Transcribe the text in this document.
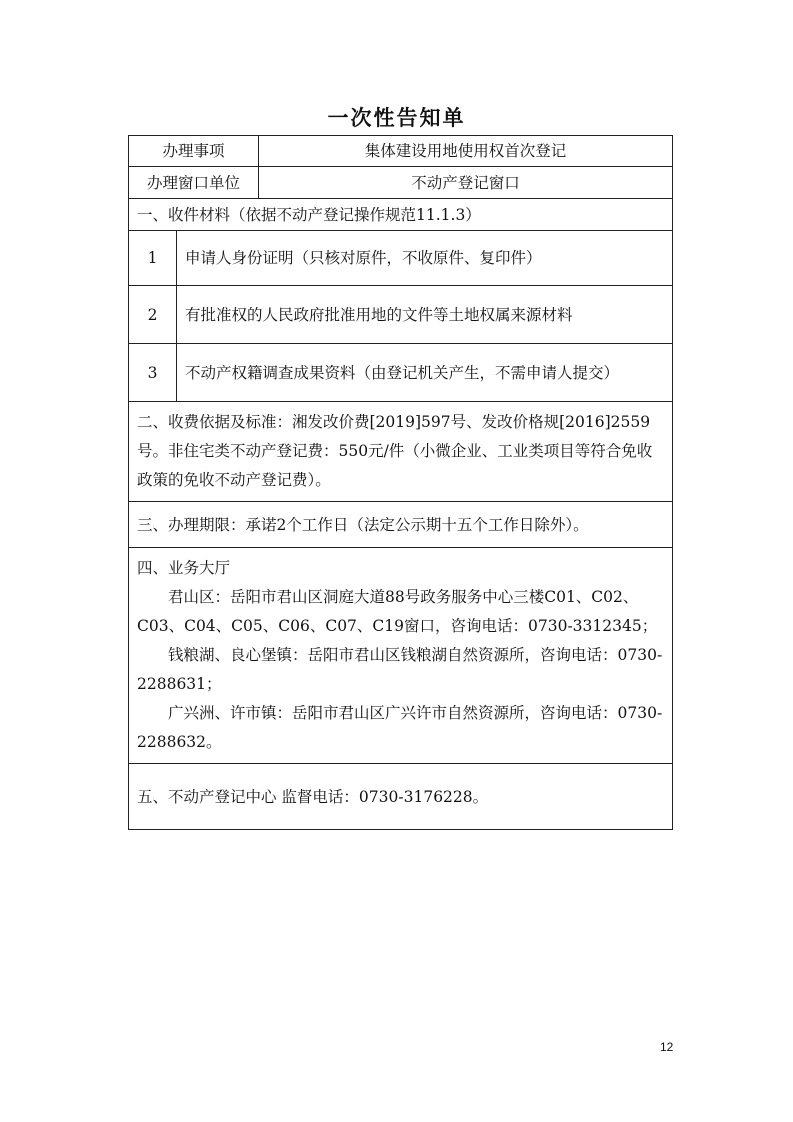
一次性告知单
办理事项		集体建设用地使用权首次登记
办理窗口单位		不动产登记窗口
一、收件材料（依据不动产登记操作规范11.1.3）		
1	申请人身份证明（只核对原件，不收原件、复印件）	
2	有批准权的人民政府批准用地的文件等土地权属来源材料	
3	不动产权籍调查成果资料（由登记机关产生，不需申请人提交）	
二、收费依据及标准：湘发改价费[2019]597号、发改价格规[2016]2559号。非住宅类不动产登记费：550元/件（小微企业、工业类项目等符合免收政策的免收不动产登记费）。		
三、办理期限：承诺2个工作日（法定公示期十五个工作日除外）。		

四、业务大厅
君山区：岳阳市君山区洞庭大道88号政务服务中心三楼C01、C02、C03、C04、C05、C06、C07、C19窗口，咨询电话：0730-3312345；
钱粮湖、良心堡镇：岳阳市君山区钱粮湖自然资源所，咨询电话：0730-2288631；
广兴洲、许市镇：岳阳市君山区广兴许市自然资源所，咨询电话：0730-2288632。		

五、不动产登记中心 监督电话：0730-3176228。		
12
